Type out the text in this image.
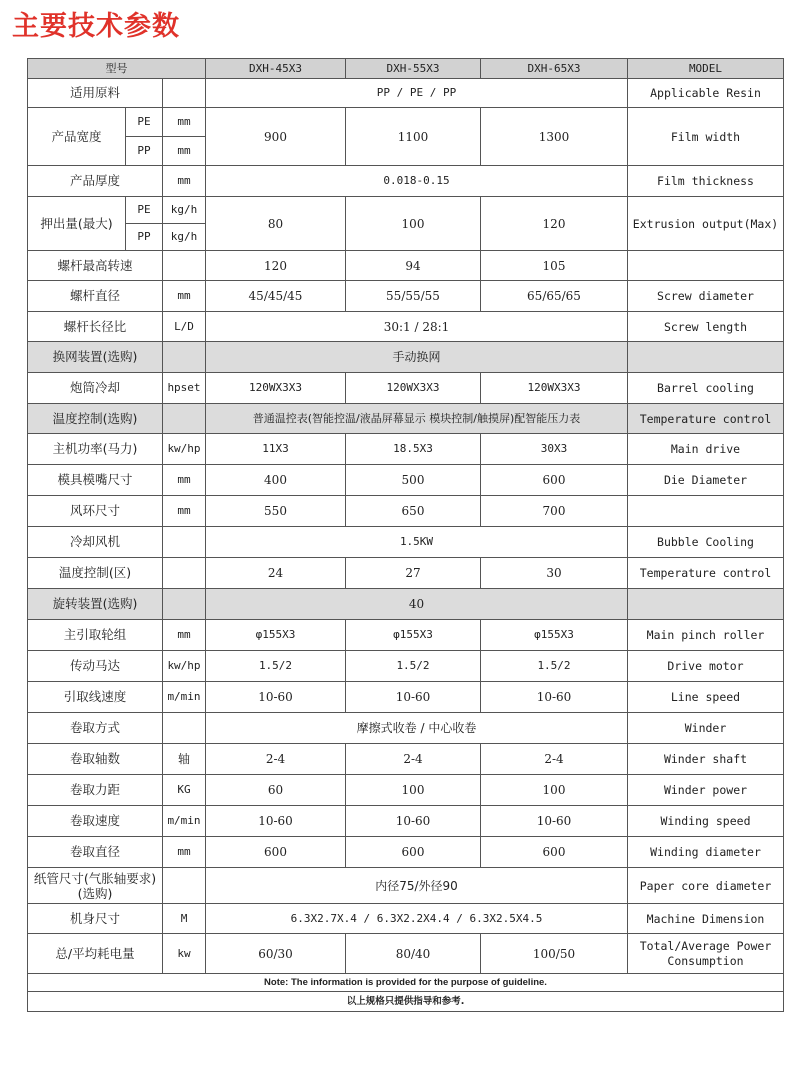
主要技术参数
型号			DXH-45X3	DXH-55X3	DXH-65X3	MODEL
适用原料			PP / PE / PP			Applicable Resin
产品宽度	PE	mm	900	1100	1300	Film width
	PP	mm				
产品厚度		mm	0.018-0.15			Film thickness
押出量(最大)	PE	kg/h	80	100	120	Extrusion output(Max)
	PP	kg/h				
螺杆最高转速			120	94	105	
螺杆直径		mm	45/45/45	55/55/55	65/65/65	Screw diameter
螺杆长径比		L/D	30:1 / 28:1			Screw length
换网装置(选购)			手动换网			
炮筒冷却		hpset	120WX3X3	120WX3X3	120WX3X3	Barrel cooling
温度控制(选购)			普通温控表(智能控温/液晶屏幕显示 模块控制/触摸屏)配智能压力表			Temperature control
主机功率(马力)		kw/hp	11X3	18.5X3	30X3	Main drive
模具模嘴尺寸		mm	400	500	600	Die Diameter
风环尺寸		mm	550	650	700	
冷却风机			1.5KW			Bubble Cooling
温度控制(区)			24	27	30	Temperature control
旋转装置(选购)			40			
主引取轮组		mm	φ155X3	φ155X3	φ155X3	Main pinch roller
传动马达		kw/hp	1.5/2	1.5/2	1.5/2	Drive motor
引取线速度		m/min	10-60	10-60	10-60	Line speed
卷取方式			摩擦式收卷 / 中心收卷			Winder
卷取轴数		轴	2-4	2-4	2-4	Winder shaft
卷取力距		KG	60	100	100	Winder power
卷取速度		m/min	10-60	10-60	10-60	Winding speed
卷取直径		mm	600	600	600	Winding diameter
纸管尺寸(气胀轴要求)(选购)			内径75/外径90			Paper core diameter
机身尺寸		M	6.3X2.7X.4 / 6.3X2.2X4.4 / 6.3X2.5X4.5			Machine Dimension
总/平均耗电量		kw	60/30	80/40	100/50	Total/Average Power Consumption
Note: The information is provided for the purpose of guideline.						
以上规格只提供指导和参考.						
